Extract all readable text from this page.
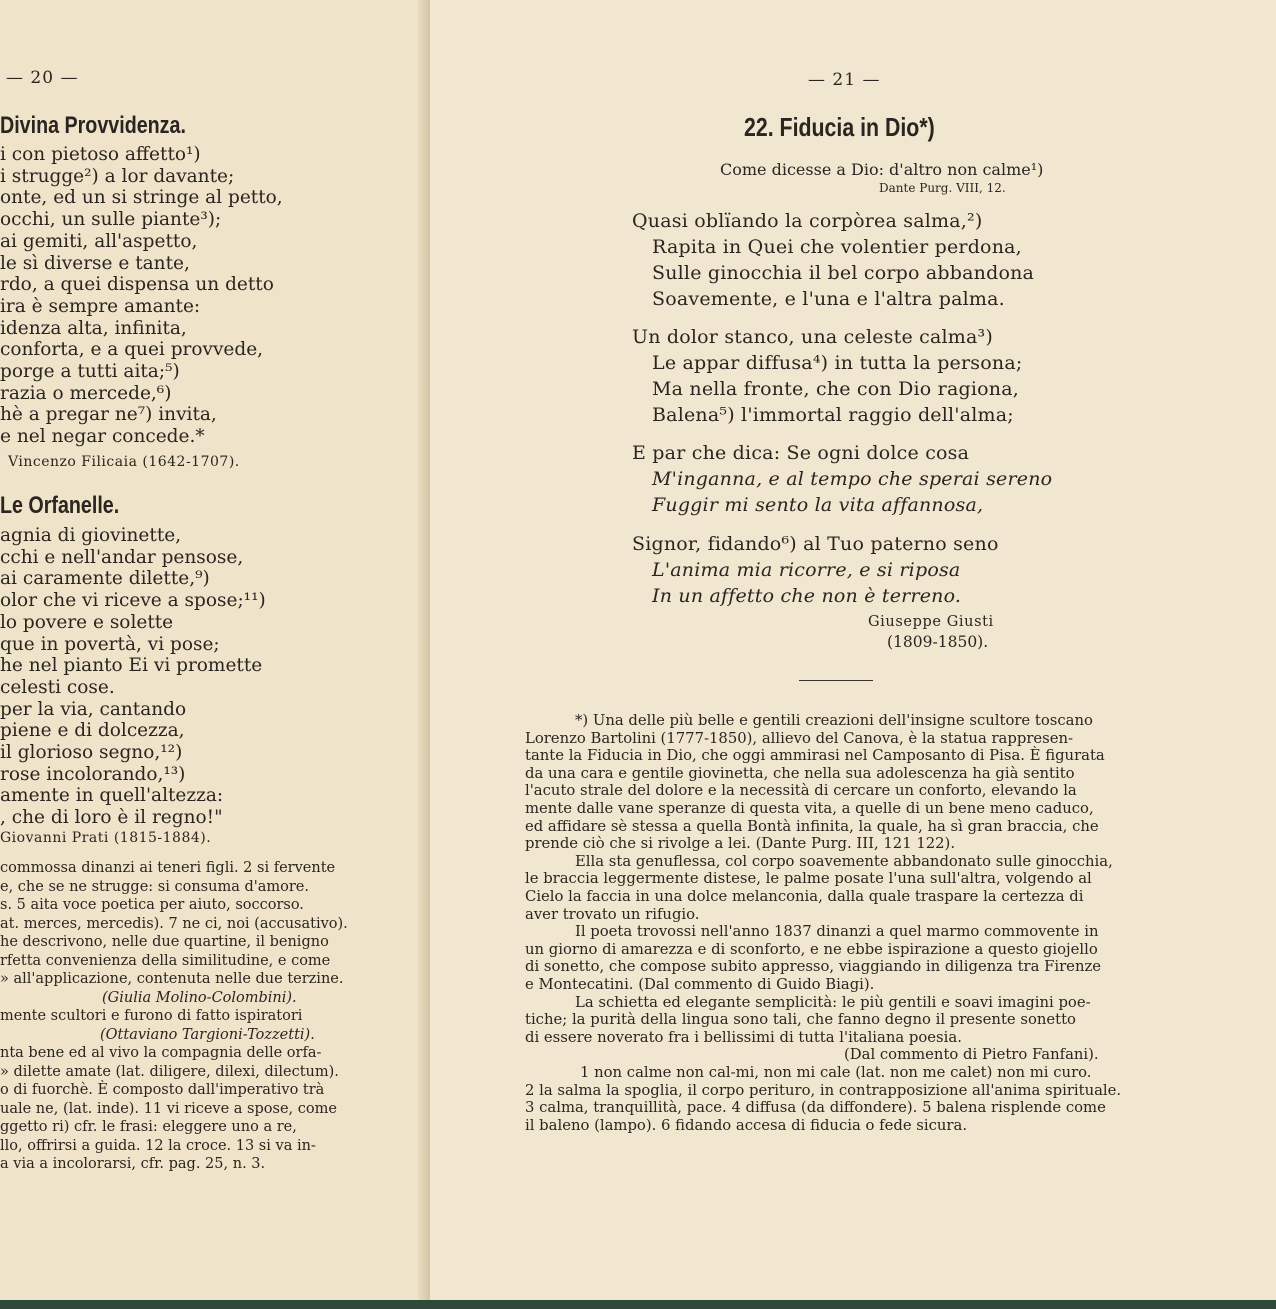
— 20 —
Divina Provvidenza.
i con pietoso affetto¹)
i strugge²) a lor davante;
onte, ed un si stringe al petto,
occhi, un sulle piante³);
ai gemiti, all'aspetto,
le sì diverse e tante,
rdo, a quei dispensa un detto
ira è sempre amante:
idenza alta, infinita,
conforta, e a quei provvede,
porge a tutti aita;⁵)
razia o mercede,⁶)
hè a pregar ne⁷) invita,
e nel negar concede.*
Vincenzo Filicaia (1642-1707).
Le Orfanelle.
agnia di giovinette,
cchi e nell'andar pensose,
ai caramente dilette,⁹)
olor che vi riceve a spose;¹¹)
lo povere e solette
que in povertà, vi pose;
he nel pianto Ei vi promette
celesti cose.
per la via, cantando
piene e di dolcezza,
il glorioso segno,¹²)
rose incolorando,¹³)
amente in quell'altezza:
, che di loro è il regno!"
Giovanni Prati (1815-1884).
commossa dinanzi ai teneri figli. 2 si fervente
e, che se ne strugge: si consuma d'amore.
s. 5 aita voce poetica per aiuto, soccorso.
at. merces, mercedis). 7 ne ci, noi (accusativo).
he descrivono, nelle due quartine, il benigno
rfetta convenienza della similitudine, e come
» all'applicazione, contenuta nelle due terzine.
(Giulia Molino-Colombini).
mente scultori e furono di fatto ispiratori
(Ottaviano Targioni-Tozzetti).
nta bene ed al vivo la compagnia delle orfa-
» dilette amate (lat. diligere, dilexi, dilectum).
o di fuorchè. È composto dall'imperativo trà
uale ne, (lat. inde). 11 vi riceve a spose, come
ggetto ri) cfr. le frasi: eleggere uno a re,
llo, offrirsi a guida. 12 la croce. 13 si va in-
a via a incolorarsi, cfr. pag. 25, n. 3.
— 21 —
22. Fiducia in Dio*)
Come dicesse a Dio: d'altro non calme¹)
Dante Purg. VIII, 12.
Quasi oblïando la corpòrea salma,²)
Rapita in Quei che volentier perdona,
Sulle ginocchia il bel corpo abbandona
Soavemente, e l'una e l'altra palma.
Un dolor stanco, una celeste calma³)
Le appar diffusa⁴) in tutta la persona;
Ma nella fronte, che con Dio ragiona,
Balena⁵) l'immortal raggio dell'alma;
E par che dica: Se ogni dolce cosa
M'inganna, e al tempo che sperai sereno
Fuggir mi sento la vita affannosa,
Signor, fidando⁶) al Tuo paterno seno
L'anima mia ricorre, e si riposa
In un affetto che non è terreno.
Giuseppe Giusti
(1809-1850).
*) Una delle più belle e gentili creazioni dell'insigne scultore toscano
Lorenzo Bartolini (1777-1850), allievo del Canova, è la statua rappresen-
tante la Fiducia in Dio, che oggi ammirasi nel Camposanto di Pisa. È figurata
da una cara e gentile giovinetta, che nella sua adolescenza ha già sentito
l'acuto strale del dolore e la necessità di cercare un conforto, elevando la
mente dalle vane speranze di questa vita, a quelle di un bene meno caduco,
ed affidare sè stessa a quella Bontà infinita, la quale, ha sì gran braccia, che
prende ciò che si rivolge a lei. (Dante Purg. III, 121 122).
Ella sta genuflessa, col corpo soavemente abbandonato sulle ginocchia,
le braccia leggermente distese, le palme posate l'una sull'altra, volgendo al
Cielo la faccia in una dolce melanconia, dalla quale traspare la certezza di
aver trovato un rifugio.
Il poeta trovossi nell'anno 1837 dinanzi a quel marmo commovente in
un giorno di amarezza e di sconforto, e ne ebbe ispirazione a questo giojello
di sonetto, che compose subito appresso, viaggiando in diligenza tra Firenze
e Montecatini. (Dal commento di Guido Biagi).
La schietta ed elegante semplicità: le più gentili e soavi imagini poe-
tiche; la purità della lingua sono tali, che fanno degno il presente sonetto
di essere noverato fra i bellissimi di tutta l'italiana poesia.
(Dal commento di Pietro Fanfani).
1 non calme non cal-mi, non mi cale (lat. non me calet) non mi curo.
2 la salma la spoglia, il corpo perituro, in contrapposizione all'anima spirituale.
3 calma, tranquillità, pace. 4 diffusa (da diffondere). 5 balena risplende come
il baleno (lampo). 6 fidando accesa di fiducia o fede sicura.
